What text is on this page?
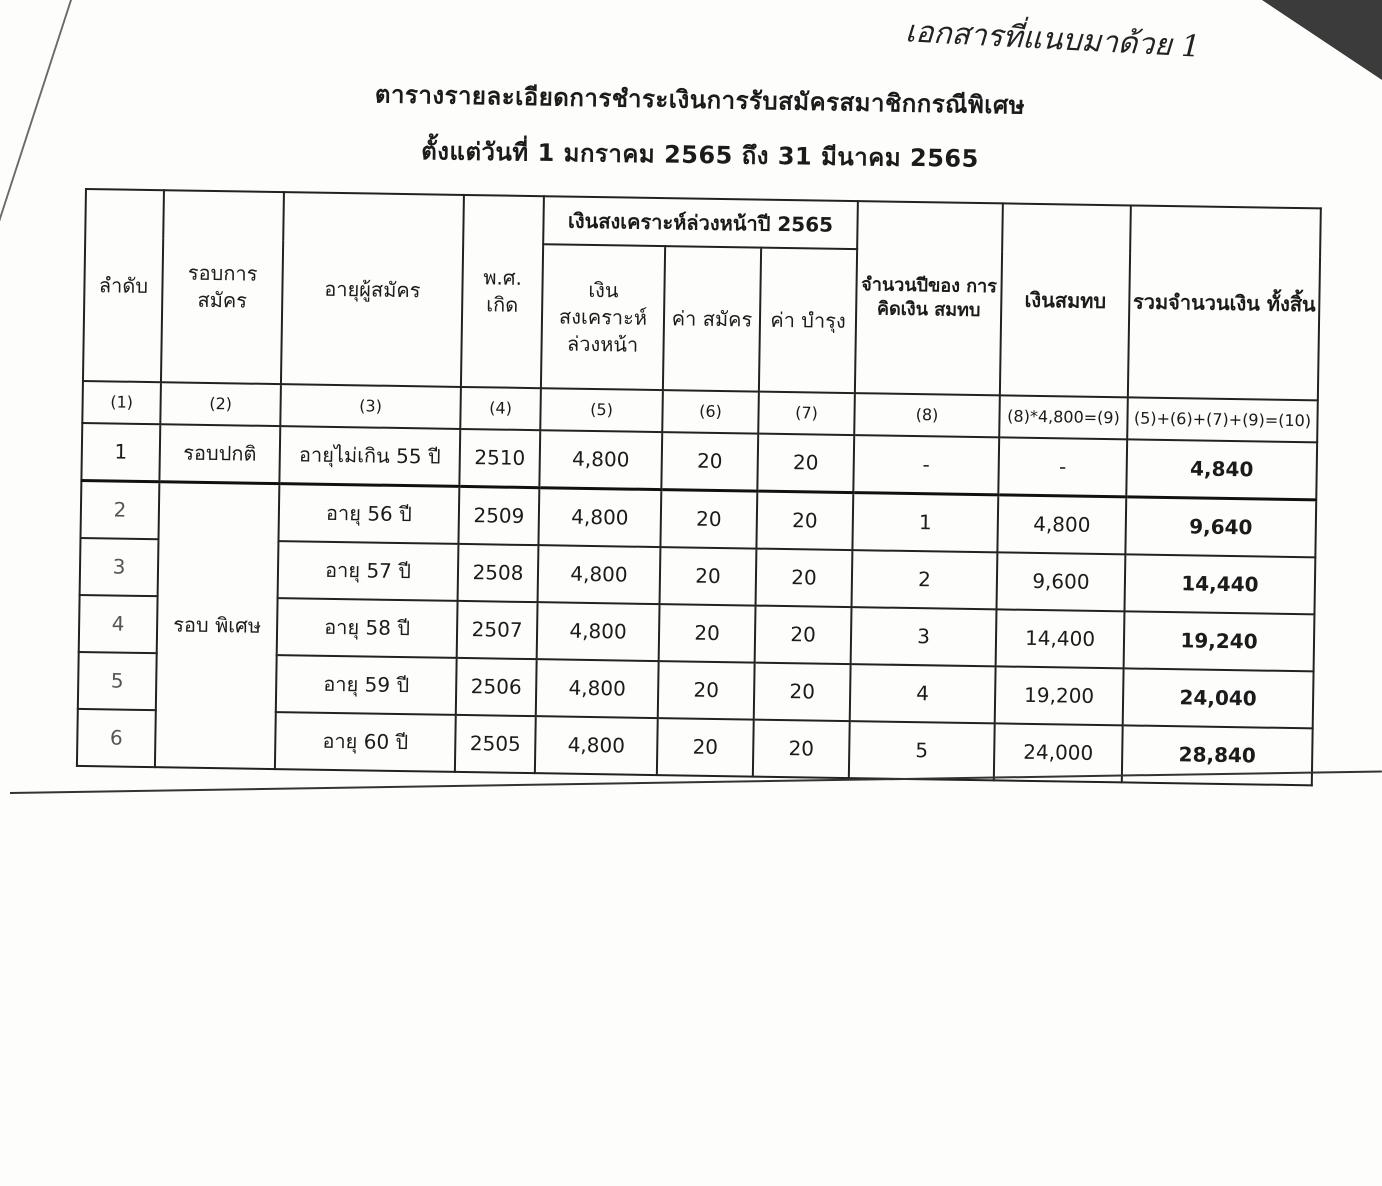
เอกสารที่แนบมาด้วย 1
ตารางรายละเอียดการชำระเงินการรับสมัครสมาชิกกรณีพิเศษ
ตั้งแต่วันที่ 1 มกราคม 2565 ถึง 31 มีนาคม 2565
ลำดับ	รอบการ สมัคร	อายุผู้สมัคร	พ.ศ. เกิด	เงินสงเคราะห์ล่วงหน้าปี 2565			จำนวนปีของ การคิดเงิน สมทบ	เงินสมทบ	รวมจำนวนเงิน ทั้งสิ้น
				เงิน สงเคราะห์ ล่วงหน้า	ค่า สมัคร	ค่า บำรุง			
(1)	(2)	(3)	(4)	(5)	(6)	(7)	(8)	(8)*4,800=(9)	(5)+(6)+(7)+(9)=(10)
1	รอบปกติ	อายุไม่เกิน 55 ปี	2510	4,800	20	20	-	-	4,840
2	รอบ พิเศษ	อายุ 56 ปี	2509	4,800	20	20	1	4,800	9,640
3		อายุ 57 ปี	2508	4,800	20	20	2	9,600	14,440
4		อายุ 58 ปี	2507	4,800	20	20	3	14,400	19,240
5		อายุ 59 ปี	2506	4,800	20	20	4	19,200	24,040
6		อายุ 60 ปี	2505	4,800	20	20	5	24,000	28,840
